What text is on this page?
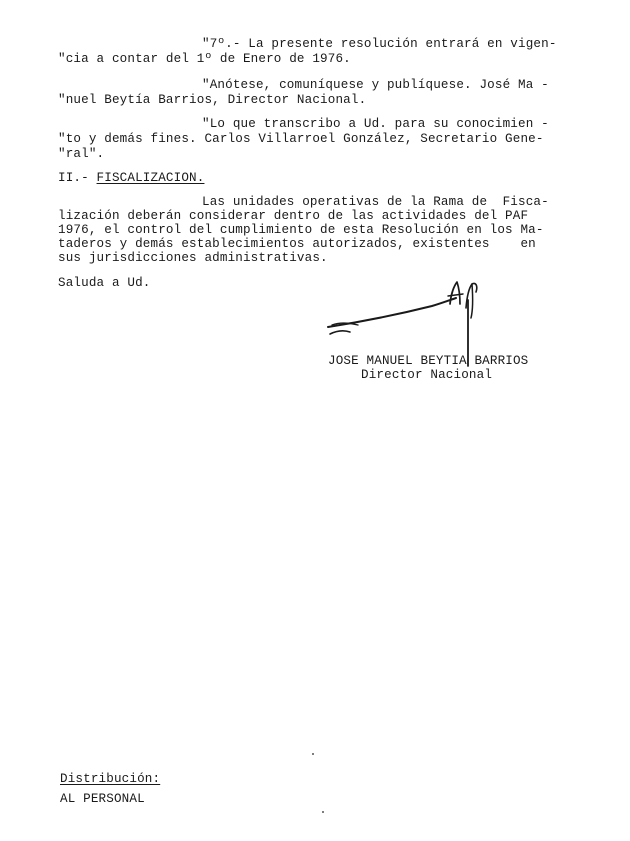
"7º.- La presente resolución entrará en vigen-
"cia a contar del 1º de Enero de 1976.
"Anótese, comuníquese y publíquese. José Ma -
"nuel Beytía Barrios, Director Nacional.
"Lo que transcribo a Ud. para su conocimien -
"to y demás fines. Carlos Villarroel González, Secretario Gene-
"ral".
II.- FISCALIZACION.
Las unidades operativas de la Rama de  Fisca-
lización deberán considerar dentro de las actividades del PAF
1976, el control del cumplimiento de esta Resolución en los Ma-
taderos y demás establecimientos autorizados, existentes    en
sus jurisdicciones administrativas.
Saluda a Ud.
JOSE MANUEL BEYTIA BARRIOS
Director Nacional
Distribución:
AL PERSONAL
